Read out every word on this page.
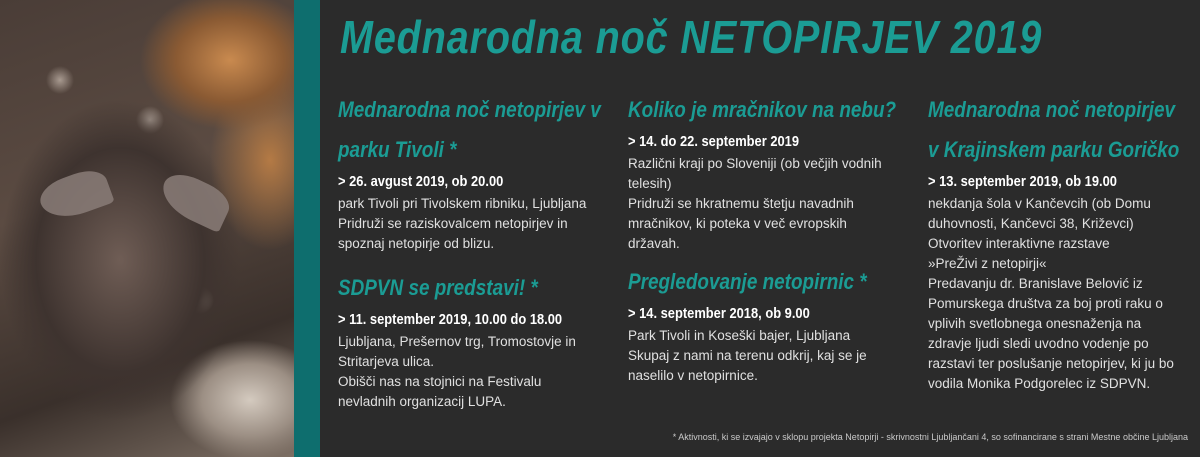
Mednarodna noč NETOPIRJEV 2019
Mednarodna noč netopirjev v
parku Tivoli *
> 26. avgust 2019, ob 20.00
park Tivoli pri Tivolskem ribniku, Ljubljana
Pridruži se raziskovalcem netopirjev in
spoznaj netopirje od blizu.
SDPVN se predstavi! *
> 11. september 2019, 10.00 do 18.00
Ljubljana, Prešernov trg, Tromostovje in
Stritarjeva ulica.
Obišči nas na stojnici na Festivalu
nevladnih organizacij LUPA.
Koliko je mračnikov na nebu?
> 14. do 22. september 2019
Različni kraji po Sloveniji (ob večjih vodnih
telesih)
Pridruži se hkratnemu štetju navadnih
mračnikov, ki poteka v več evropskih
državah.
Pregledovanje netopirnic *
> 14. september 2018, ob 9.00
Park Tivoli in Koseški bajer, Ljubljana
Skupaj z nami na terenu odkrij, kaj se je
naselilo v netopirnice.
Mednarodna noč netopirjev
v Krajinskem parku Goričko
> 13. september 2019, ob 19.00
nekdanja šola v Kančevcih (ob Domu
duhovnosti, Kančevci 38, Križevci)
Otvoritev interaktivne razstave
»PreŽivi z netopirji«
Predavanju dr. Branislave Belović iz
Pomurskega društva za boj proti raku o
vplivih svetlobnega onesnaženja na
zdravje ljudi sledi uvodno vodenje po
razstavi ter poslušanje netopirjev, ki ju bo
vodila Monika Podgorelec iz SDPVN.
* Aktivnosti, ki se izvajajo v sklopu projekta Netopirji - skrivnostni Ljubljančani 4, so sofinancirane s strani Mestne občine Ljubljana
